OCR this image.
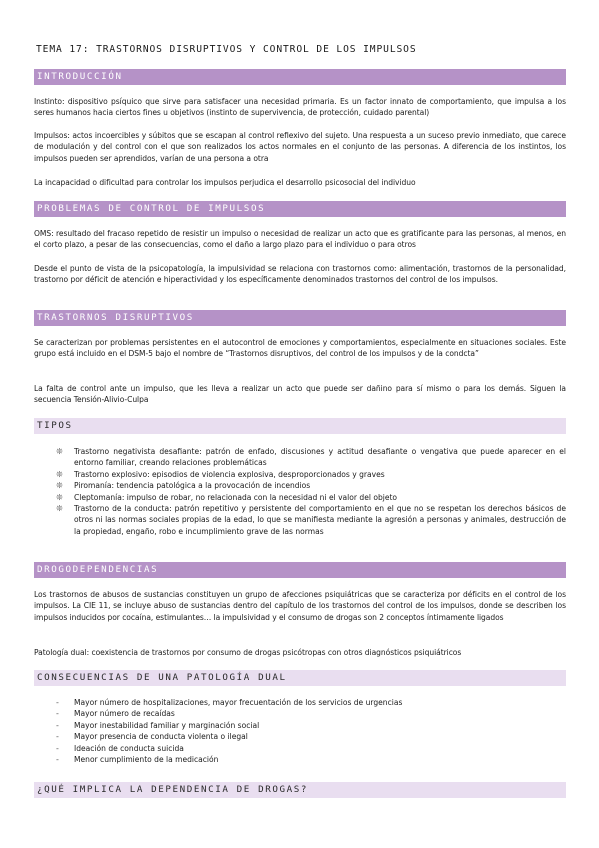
TEMA 17: TRASTORNOS DISRUPTIVOS Y CONTROL DE LOS IMPULSOS
INTRODUCCIÓN
Instinto: dispositivo psíquico que sirve para satisfacer una necesidad primaria. Es un factor innato de comportamiento, que impulsa a los seres humanos hacia ciertos fines u objetivos (instinto de supervivencia, de protección, cuidado parental)
Impulsos: actos incoercibles y súbitos que se escapan al control reflexivo del sujeto. Una respuesta a un suceso previo inmediato, que carece de modulación y del control con el que son realizados los actos normales en el conjunto de las personas. A diferencia de los instintos, los impulsos pueden ser aprendidos, varían de una persona a otra
La incapacidad o dificultad para controlar los impulsos perjudica el desarrollo psicosocial del individuo
PROBLEMAS DE CONTROL DE IMPULSOS
OMS: resultado del fracaso repetido de resistir un impulso o necesidad de realizar un acto que es gratificante para las personas, al menos, en el corto plazo, a pesar de las consecuencias, como el daño a largo plazo para el individuo o para otros
Desde el punto de vista de la psicopatología, la impulsividad se relaciona con trastornos como: alimentación, trastornos de la personalidad, trastorno por déficit de atención e hiperactividad y los específicamente denominados trastornos del control de los impulsos.
TRASTORNOS DISRUPTIVOS
Se caracterizan por problemas persistentes en el autocontrol de emociones y comportamientos, especialmente en situaciones sociales. Este grupo está incluido en el DSM-5 bajo el nombre de “Trastornos disruptivos, del control de los impulsos y de la condcta”
La falta de control ante un impulso, que les lleva a realizar un acto que puede ser dañino para sí mismo o para los demás. Siguen la secuencia Tensión-Alivio-Culpa
TIPOS
❊ Trastorno negativista desafiante: patrón de enfado, discusiones y actitud desafiante o vengativa que puede aparecer en el entorno familiar, creando relaciones problemáticas
❊ Trastorno explosivo: episodios de violencia explosiva, desproporcionados y graves
❊ Piromanía: tendencia patológica a la provocación de incendios
❊ Cleptomanía: impulso de robar, no relacionada con la necesidad ni el valor del objeto
❊ Trastorno de la conducta: patrón repetitivo y persistente del comportamiento en el que no se respetan los derechos básicos de otros ni las normas sociales propias de la edad, lo que se manifiesta mediante la agresión a personas y animales, destrucción de la propiedad, engaño, robo e incumplimiento grave de las normas
DROGODEPENDENCIAS
Los trastornos de abusos de sustancias constituyen un grupo de afecciones psiquiátricas que se caracteriza por déficits en el control de los impulsos. La CIE 11, se incluye abuso de sustancias dentro del capítulo de los trastornos del control de los impulsos, donde se describen los impulsos inducidos por cocaína, estimulantes… la impulsividad y el consumo de drogas son 2 conceptos íntimamente ligados
Patología dual: coexistencia de trastornos por consumo de drogas psicótropas con otros diagnósticos psiquiátricos
CONSECUENCIAS DE UNA PATOLOGÍA DUAL
- Mayor número de hospitalizaciones, mayor frecuentación de los servicios de urgencias
- Mayor número de recaídas
- Mayor inestabilidad familiar y marginación social
- Mayor presencia de conducta violenta o ilegal
- Ideación de conducta suicida
- Menor cumplimiento de la medicación
¿QUÉ IMPLICA LA DEPENDENCIA DE DROGAS?
